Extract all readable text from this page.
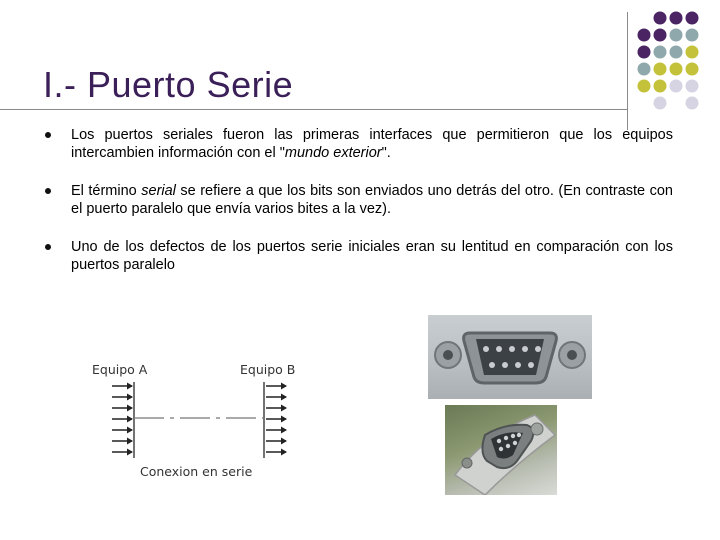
I.- Puerto Serie
Los puertos seriales fueron las primeras interfaces que permitieron que los equipos intercambien información con el "mundo exterior".
El término serial se refiere a que los bits son enviados uno detrás del otro. (En contraste con el puerto paralelo que envía varios bites a la vez).
Uno de los defectos de los puertos serie iniciales eran su lentitud en comparación con los puertos paralelo
Equipo A	Equipo B
Conexion en serie
